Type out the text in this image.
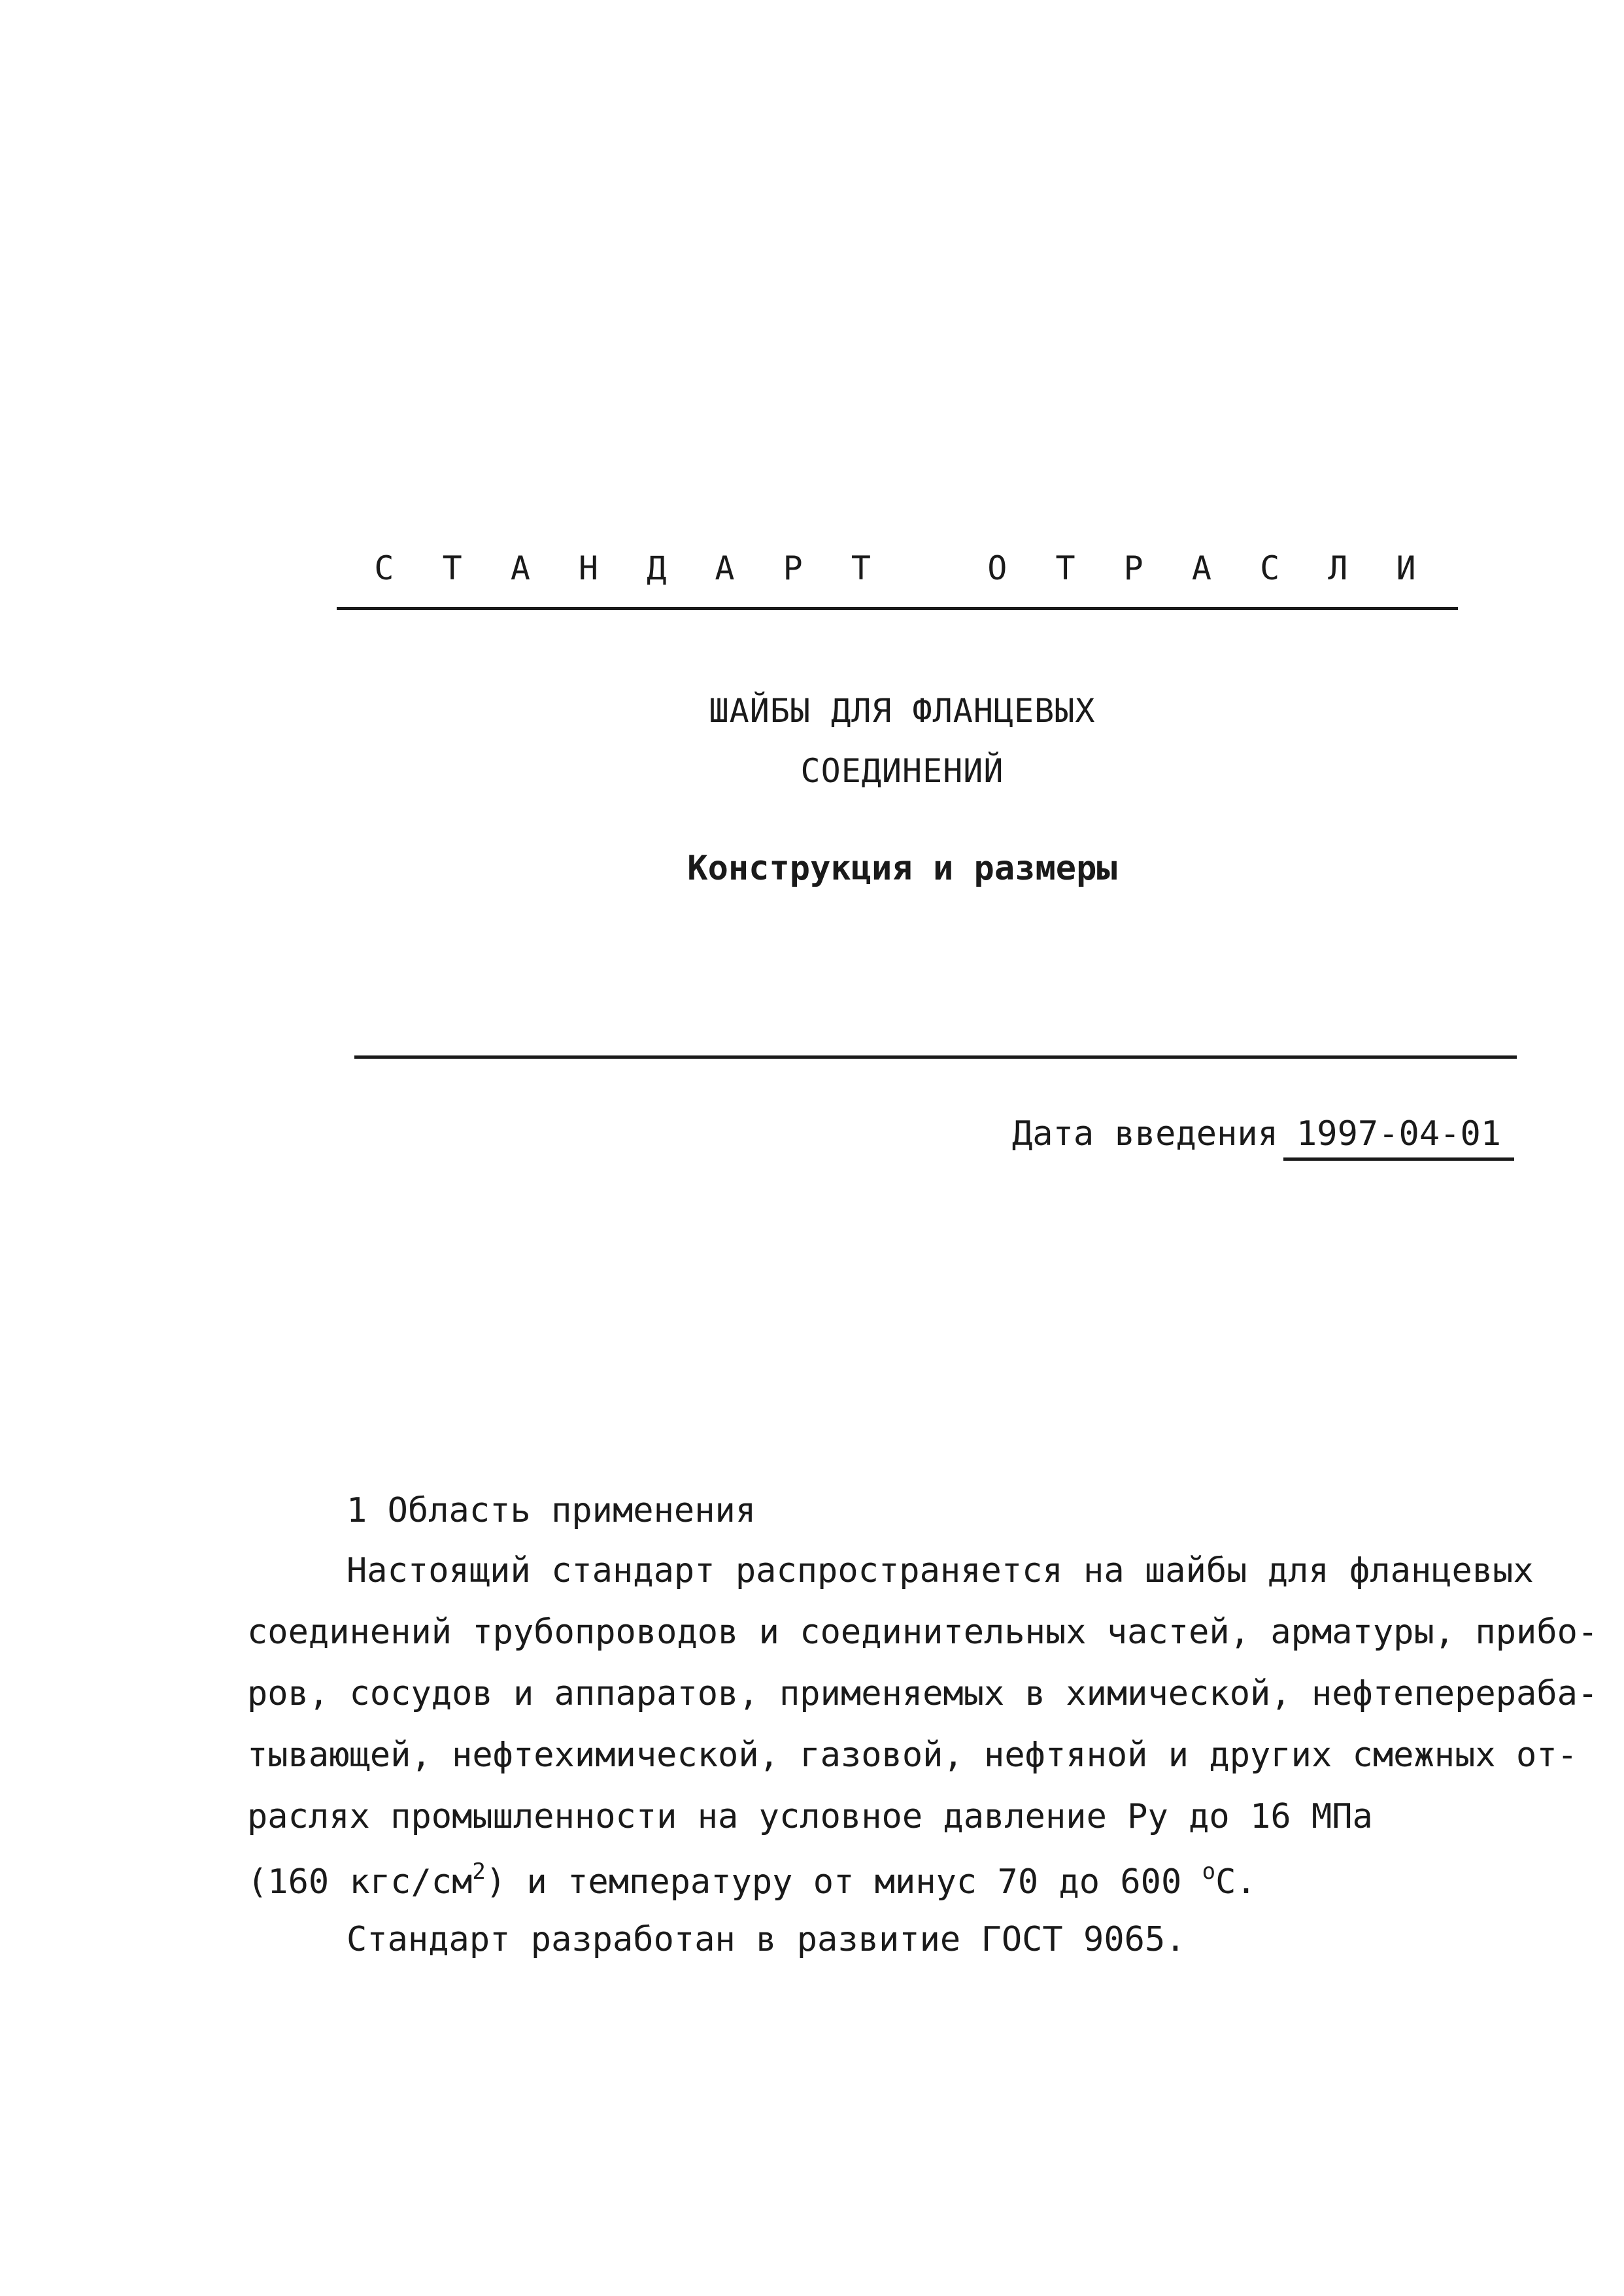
С Т А Н Д А Р Т   О Т Р А С Л И
ШАЙБЫ ДЛЯ ФЛАНЦЕВЫХ
СОЕДИНЕНИЙ
Конструкция и размеры
Дата введения 1997-04-01
1 Область применения
Настоящий стандарт распространяется на шайбы для фланцевых
соединений трубопроводов и соединительных частей, арматуры, прибо-
ров, сосудов и аппаратов, применяемых в химической, нефтеперераба-
тывающей, нефтехимической, газовой, нефтяной и других смежных от-
раслях промышленности на условное давление Ру до 16 МПа
(160 кгс/$см^2$) и температуру от минус 70 до 600 $^о$С.
Стандарт разработан в развитие ГОСТ 9065.
